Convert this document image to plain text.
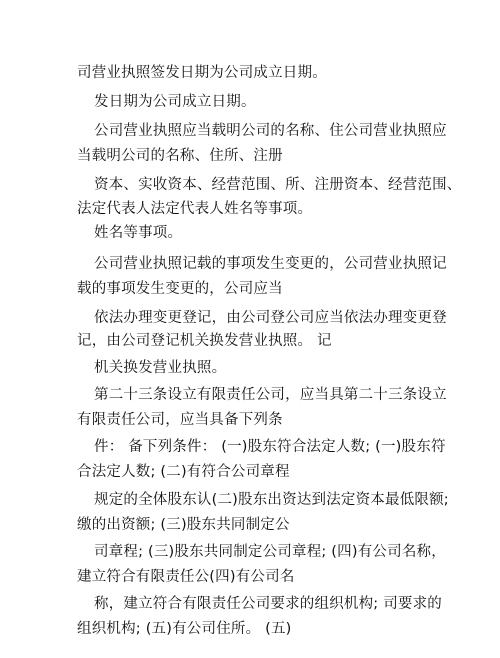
司营业执照签发日期为公司成立日期。
发日期为公司成立日期。
公司营业执照应当载明公司的名称、住公司营业执照应
当载明公司的名称、住所、注册
资本、实收资本、经营范围、所、注册资本、经营范围、
法定代表人法定代表人姓名等事项。
姓名等事项。
公司营业执照记载的事项发生变更的，公司营业执照记
载的事项发生变更的，公司应当
依法办理变更登记，由公司登公司应当依法办理变更登
记，由公司登记机关换发营业执照。 记
机关换发营业执照。
第二十三条设立有限责任公司，应当具第二十三条设立
有限责任公司，应当具备下列条
件： 备下列条件： (一)股东符合法定人数; (一)股东符
合法定人数; (二)有符合公司章程
规定的全体股东认(二)股东出资达到法定资本最低限额;
缴的出资额; (三)股东共同制定公
司章程; (三)股东共同制定公司章程; (四)有公司名称，
建立符合有限责任公(四)有公司名
称，建立符合有限责任公司要求的组织机构; 司要求的
组织机构; (五)有公司住所。 (五)
